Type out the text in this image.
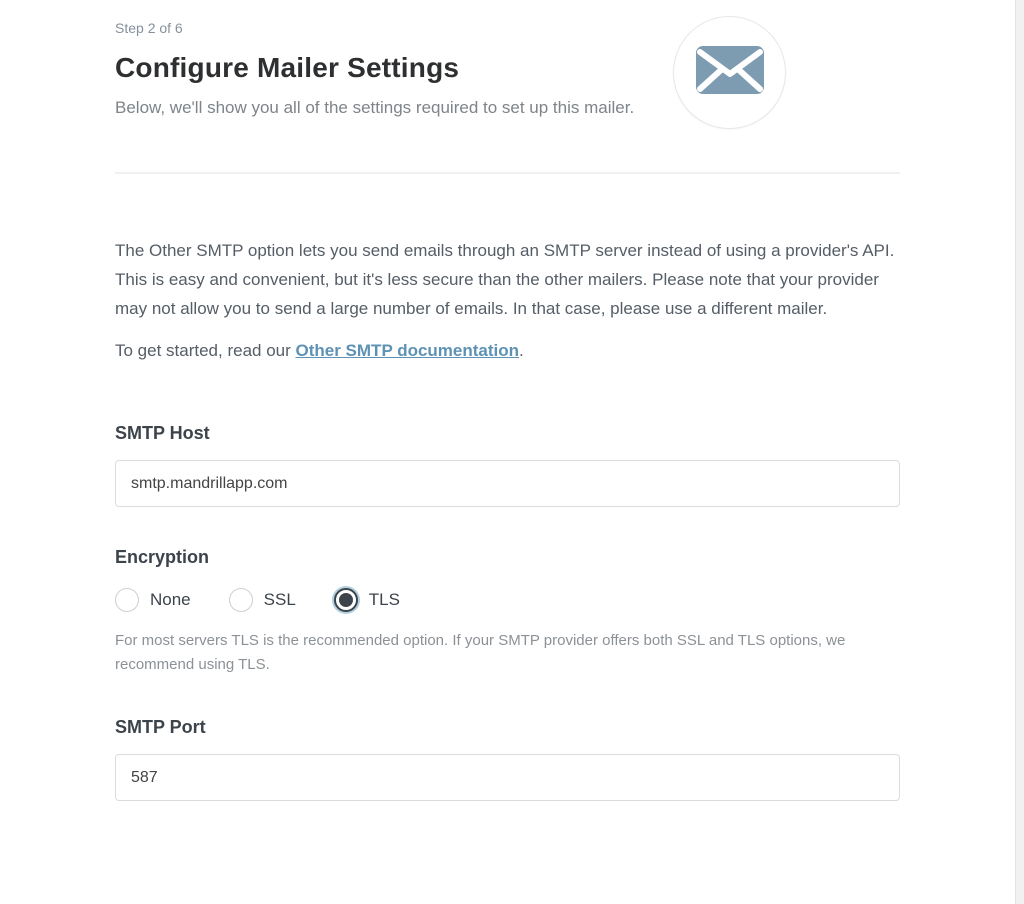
Step 2 of 6
Configure Mailer Settings
Below, we'll show you all of the settings required to set up this mailer.

The Other SMTP option lets you send emails through an SMTP server instead of using a provider's API. This is easy and convenient, but it's less secure than the other mailers. Please note that your provider may not allow you to send a large number of emails. In that case, please use a different mailer.

To get started, read our Other SMTP documentation.

SMTP Host
smtp.mandrillapp.com
Encryption
None	SSL	TLS
For most servers TLS is the recommended option. If your SMTP provider offers both SSL and TLS options, we recommend using TLS.
SMTP Port
587
